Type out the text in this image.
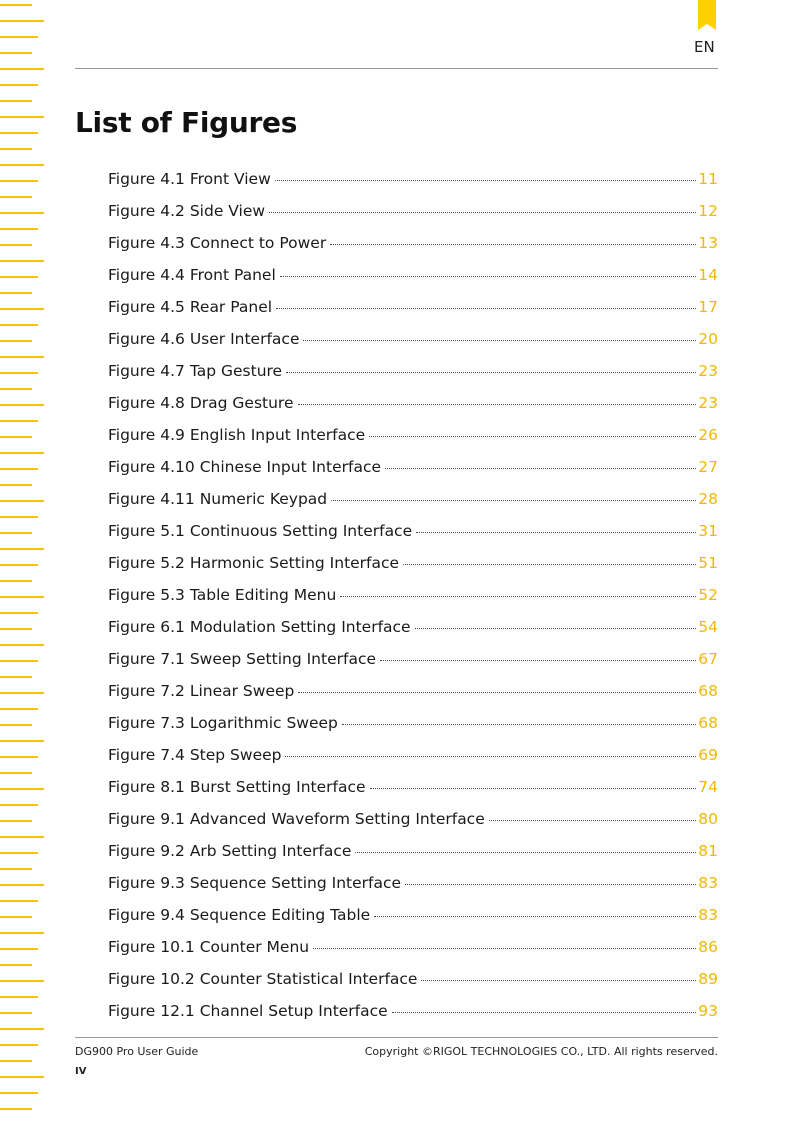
EN
List of Figures
Figure 4.1 Front View	11
Figure 4.2 Side View	12
Figure 4.3 Connect to Power	13
Figure 4.4 Front Panel	14
Figure 4.5 Rear Panel	17
Figure 4.6 User Interface	20
Figure 4.7 Tap Gesture	23
Figure 4.8 Drag Gesture	23
Figure 4.9 English Input Interface	26
Figure 4.10 Chinese Input Interface	27
Figure 4.11 Numeric Keypad	28
Figure 5.1 Continuous Setting Interface	31
Figure 5.2 Harmonic Setting Interface	51
Figure 5.3 Table Editing Menu	52
Figure 6.1 Modulation Setting Interface	54
Figure 7.1 Sweep Setting Interface	67
Figure 7.2 Linear Sweep	68
Figure 7.3 Logarithmic Sweep	68
Figure 7.4 Step Sweep	69
Figure 8.1 Burst Setting Interface	74
Figure 9.1 Advanced Waveform Setting Interface	80
Figure 9.2 Arb Setting Interface	81
Figure 9.3 Sequence Setting Interface	83
Figure 9.4 Sequence Editing Table	83
Figure 10.1 Counter Menu	86
Figure 10.2 Counter Statistical Interface	89
Figure 12.1 Channel Setup Interface	93
DG900 Pro User Guide	Copyright ©RIGOL TECHNOLOGIES CO., LTD. All rights reserved.
IV
